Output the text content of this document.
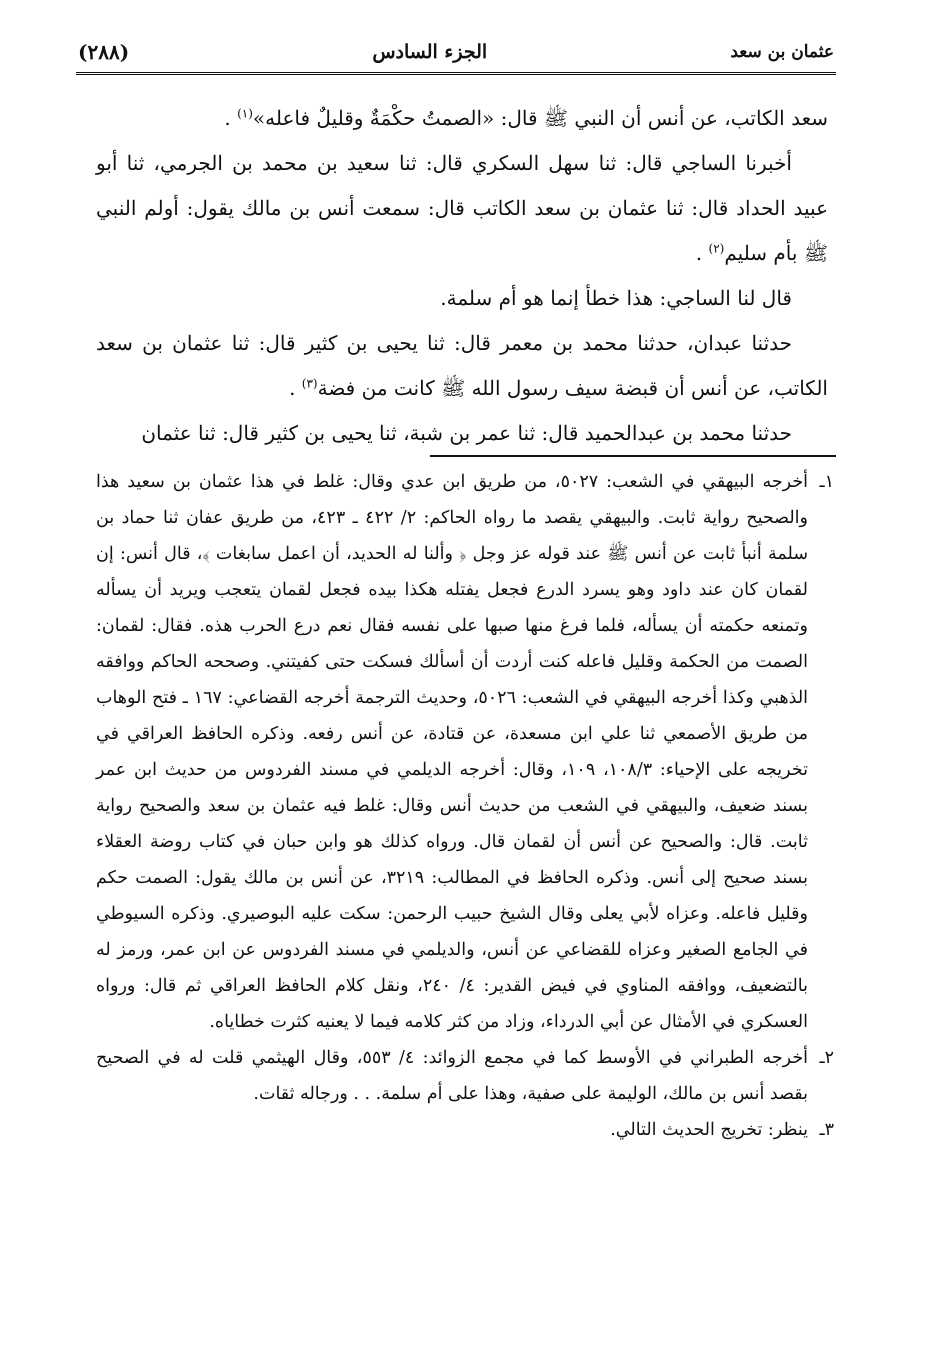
(٢٨٨)	الجزء السادس	عثمان بن سعد

سعد الكاتب، عن أنس أن النبي ﷺ قال: «الصمتُ حكْمَةٌ وقليلٌ فاعله»$^{(١)}$ .

أخبرنا الساجي قال: ثنا سهل السكري قال: ثنا سعيد بن محمد بن الجرمي، ثنا أبو عبيد الحداد قال: ثنا عثمان بن سعد الكاتب قال: سمعت أنس بن مالك يقول: أولم النبي ﷺ بأم سليم$^{(٢)}$ .

قال لنا الساجي: هذا خطأ إنما هو أم سلمة.

حدثنا عبدان، حدثنا محمد بن معمر قال: ثنا يحيى بن كثير قال: ثنا عثمان بن سعد الكاتب، عن أنس أن قبضة سيف رسول الله ﷺ كانت من فضة$^{(٣)}$ .

حدثنا محمد بن عبدالحميد قال: ثنا عمر بن شبة، ثنا يحيى بن كثير قال: ثنا عثمان

١ـ
أخرجه البيهقي في الشعب: ٥٠٢٧، من طريق ابن عدي وقال: غلط في هذا عثمان بن سعيد هذا والصحيح رواية ثابت. والبيهقي يقصد ما رواه الحاكم: ٢/ ٤٢٢ ـ ٤٢٣، من طريق عفان ثنا حماد بن سلمة أنبأ ثابت عن أنس ﷺ عند قوله عز وجل ﴿ وألنا له الحديد، أن اعمل سابغات ﴾، قال أنس: إن لقمان كان عند داود وهو يسرد الدرع فجعل يفتله هكذا بيده فجعل لقمان يتعجب ويريد أن يسأله وتمنعه حكمته أن يسأله، فلما فرغ منها صبها على نفسه فقال نعم درع الحرب هذه. فقال: لقمان: الصمت من الحكمة وقليل فاعله كنت أردت أن أسألك فسكت حتى كفيتني. وصححه الحاكم ووافقه الذهبي وكذا أخرجه البيهقي في الشعب: ٥٠٢٦، وحديث الترجمة أخرجه القضاعي: ١٦٧ ـ فتح الوهاب من طريق الأصمعي ثنا علي ابن مسعدة، عن قتادة، عن أنس رفعه. وذكره الحافظ العراقي في تخريجه على الإحياء: ١٠٨/٣، ١٠٩، وقال: أخرجه الديلمي في مسند الفردوس من حديث ابن عمر بسند ضعيف، والبيهقي في الشعب من حديث أنس وقال: غلط فيه عثمان بن سعد والصحيح رواية ثابت. قال: والصحيح عن أنس أن لقمان قال. ورواه كذلك هو وابن حبان في كتاب روضة العقلاء بسند صحيح إلى أنس. وذكره الحافظ في المطالب: ٣٢١٩، عن أنس بن مالك يقول: الصمت حكم وقليل فاعله. وعزاه لأبي يعلى وقال الشيخ حبيب الرحمن: سكت عليه البوصيري. وذكره السيوطي في الجامع الصغير وعزاه للقضاعي عن أنس، والديلمي في مسند الفردوس عن ابن عمر، ورمز له بالتضعيف، ووافقه المناوي في فيض القدير: ٤/ ٢٤٠، ونقل كلام الحافظ العراقي ثم قال: ورواه العسكري في الأمثال عن أبي الدرداء، وزاد من كثر كلامه فيما لا يعنيه كثرت خطاياه.

٢ـ
أخرجه الطبراني في الأوسط كما في مجمع الزوائد: ٤/ ٥٥٣، وقال الهيثمي قلت له في الصحيح بقصد أنس بن مالك، الوليمة على صفية، وهذا على أم سلمة. . . ورجاله ثقات.

٣ـ
ينظر: تخريج الحديث التالي.
